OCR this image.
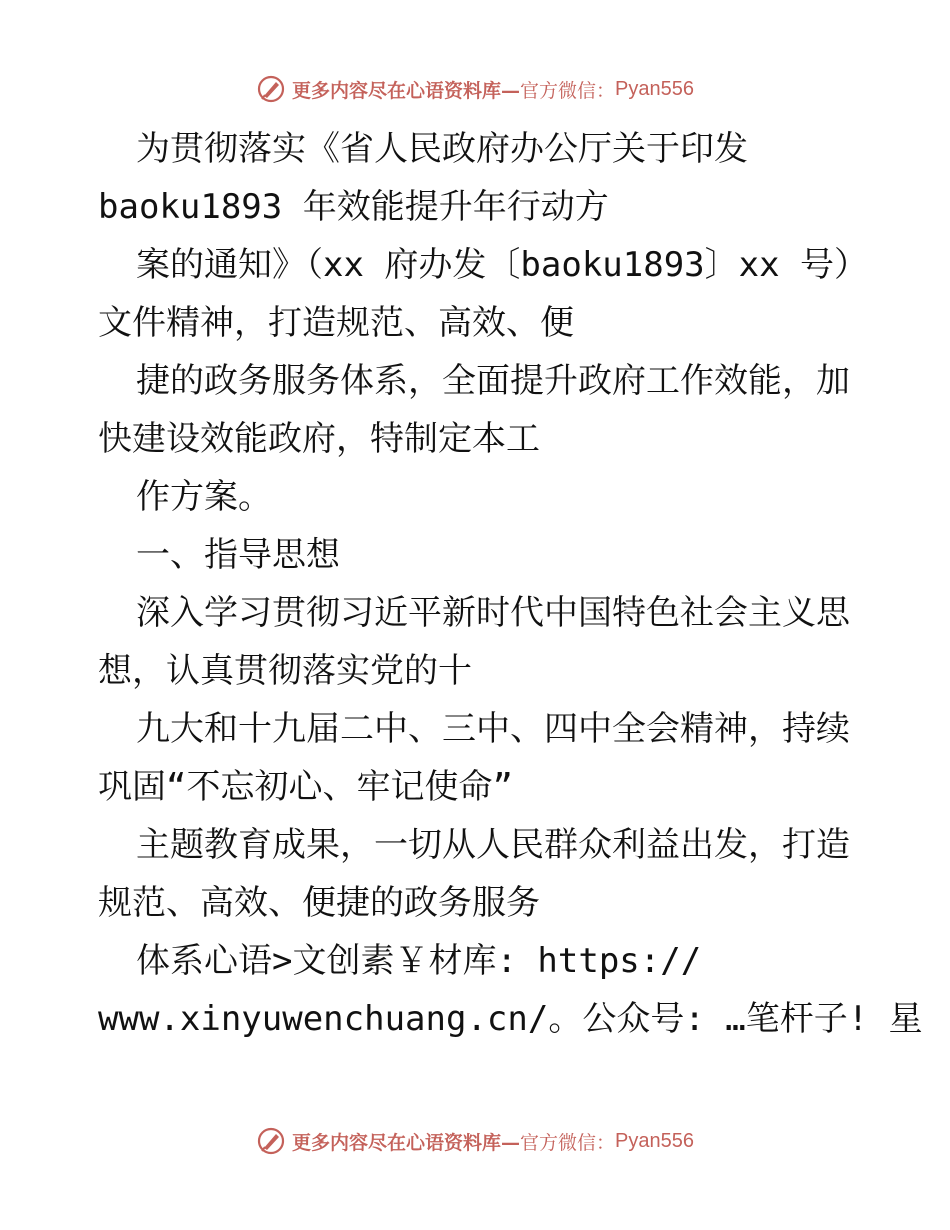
更多内容尽在心语资料库— 官方微信： Pyan556
为贯彻落实《省人民政府办公厅关于印发
baoku1893 年效能提升年行动方
案的通知》（xx 府办发〔baoku1893〕xx 号）
文件精神，打造规范、高效、便
捷的政务服务体系，全面提升政府工作效能，加
快建设效能政府，特制定本工
作方案。
一、指导思想
深入学习贯彻习近平新时代中国特色社会主义思
想，认真贯彻落实党的十
九大和十九届二中、三中、四中全会精神，持续
巩固“不忘初心、牢记使命”
主题教育成果，一切从人民群众利益出发，打造
规范、高效、便捷的政务服务
体系心语>文创素￥材库: https://
www.xinyuwenchuang.cn/。公众号: …笔杆子! 星
更多内容尽在心语资料库— 官方微信： Pyan556
